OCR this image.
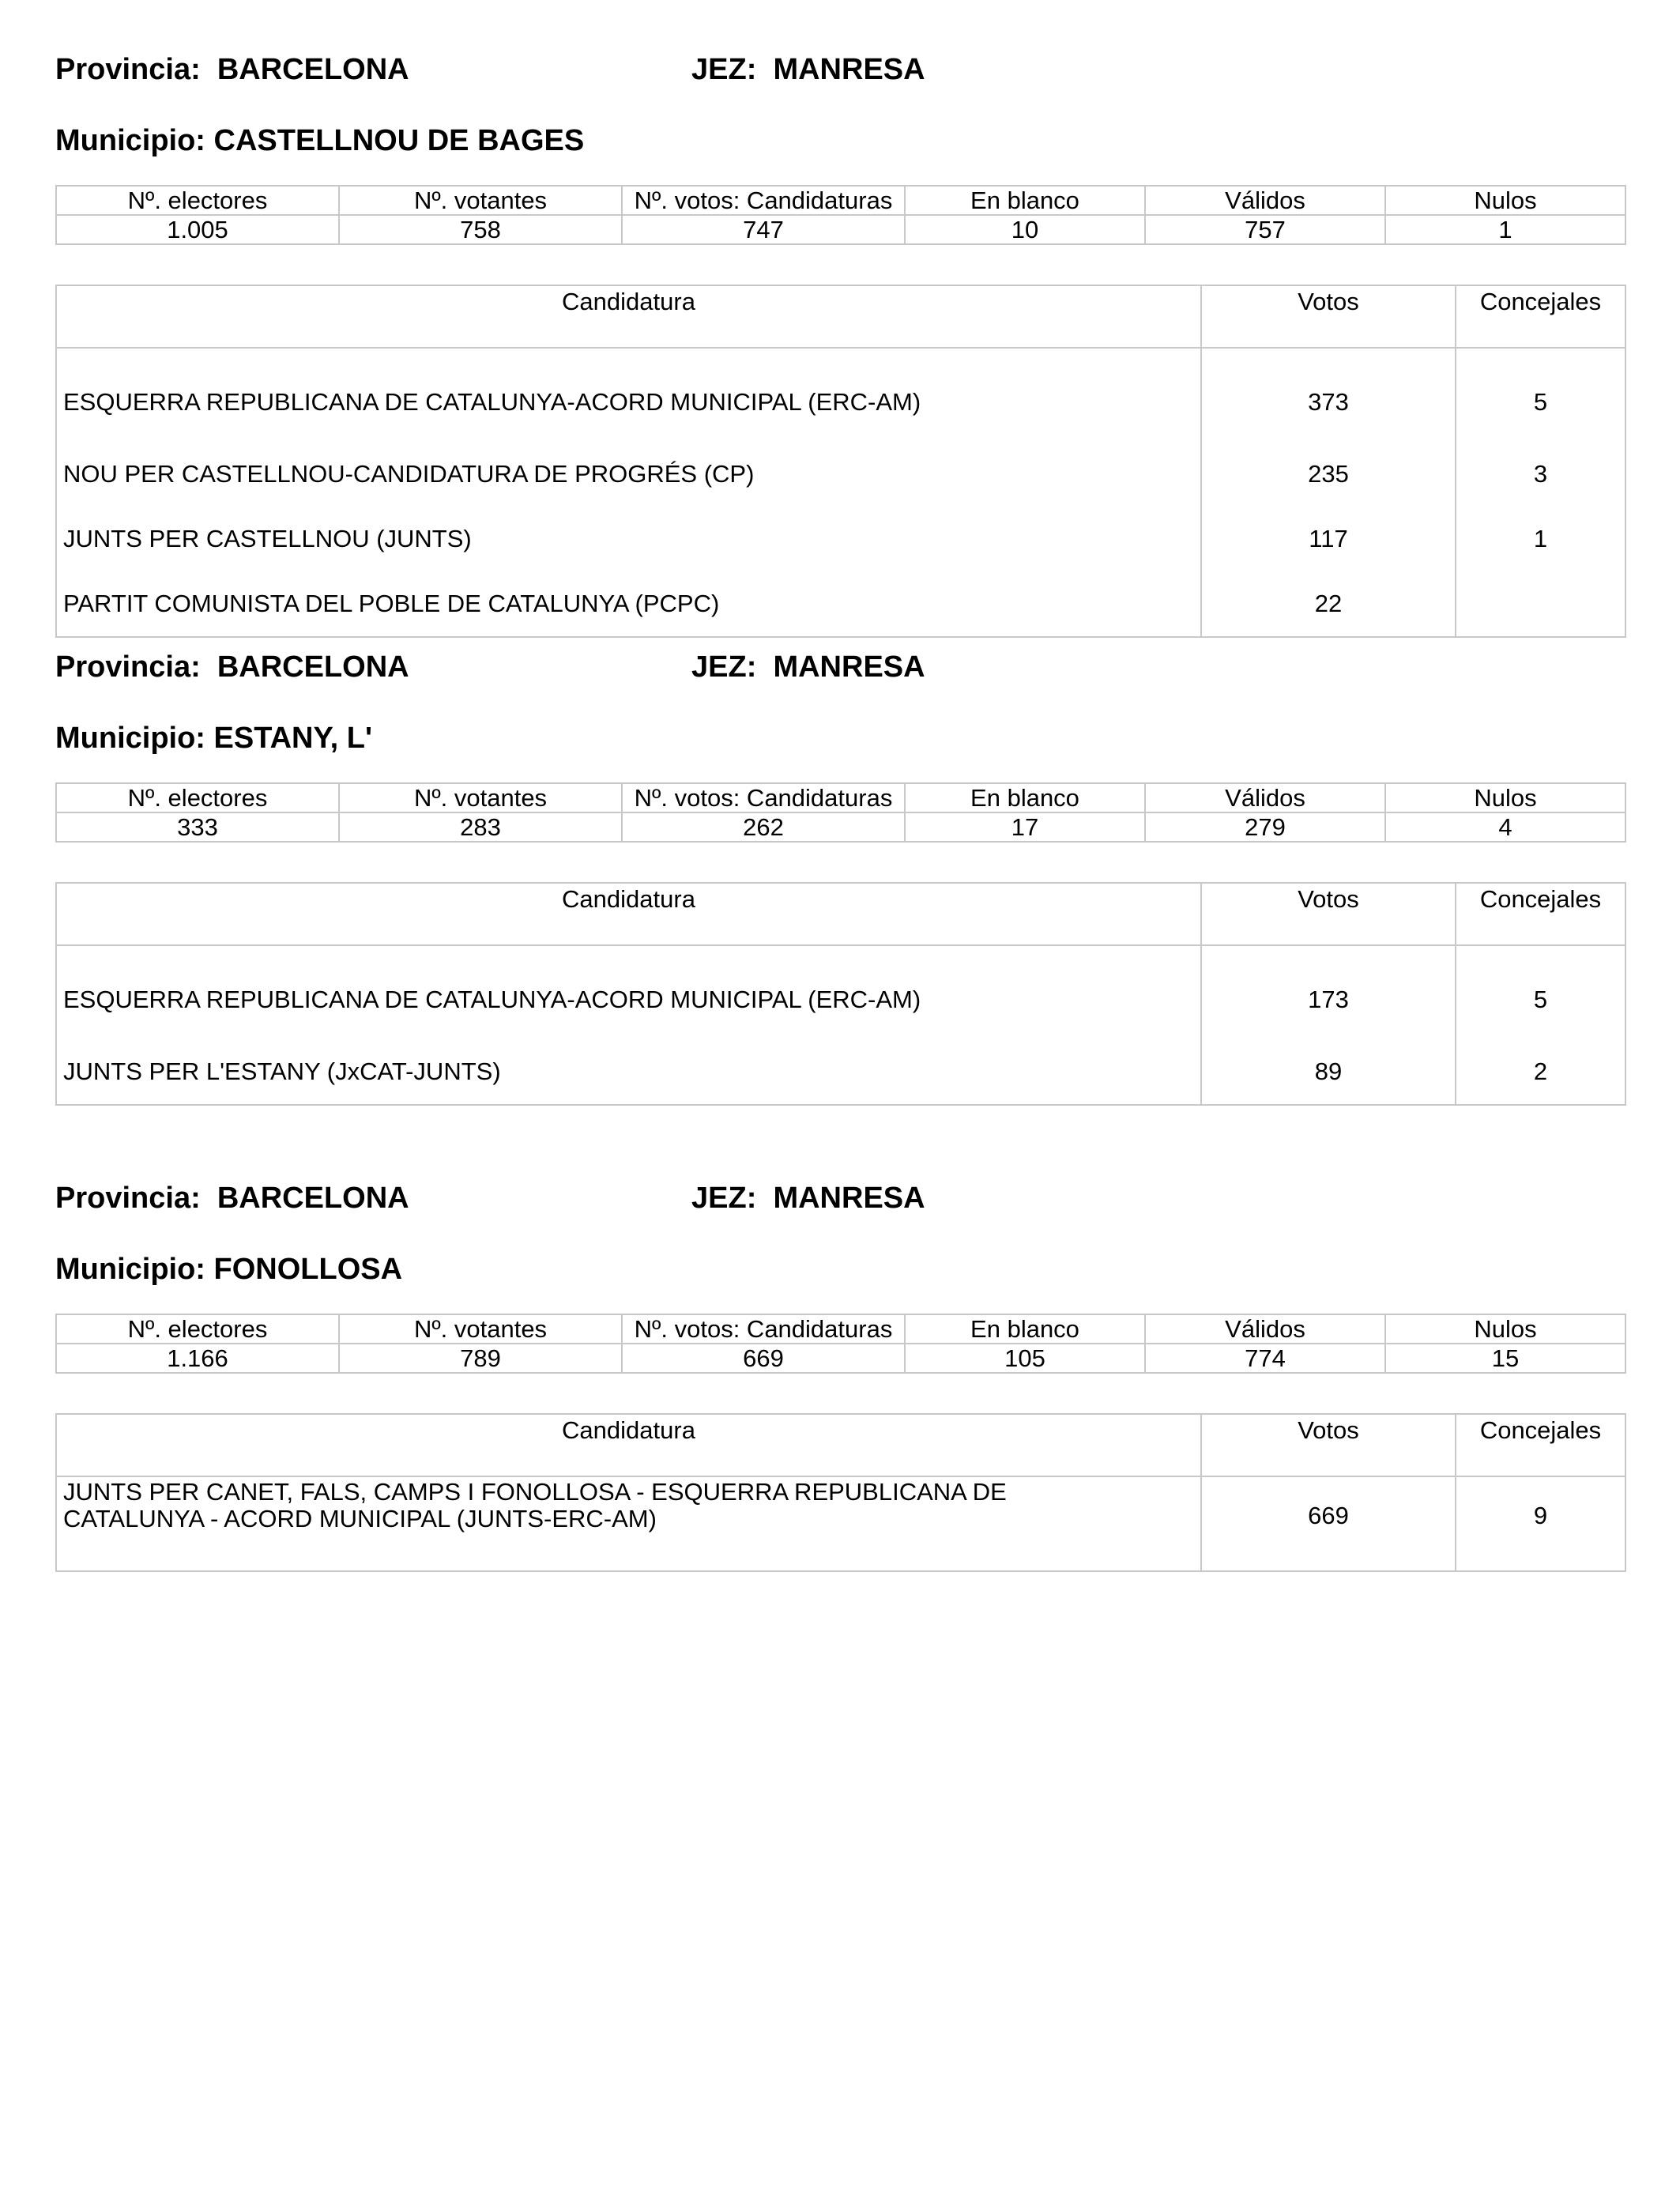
Provincia:  BARCELONA	JEZ:  MANRESA
Municipio: CASTELLNOU DE BAGES
Nº. electores	Nº. votantes	Nº. votos: Candidaturas	En blanco	Válidos	Nulos
1.005	758	747	10	757	1
Candidatura	Votos	Concejales
ESQUERRA REPUBLICANA DE CATALUNYA-ACORD MUNICIPAL (ERC-AM)	373	5
NOU PER CASTELLNOU-CANDIDATURA DE PROGRÉS (CP)	235	3
JUNTS PER CASTELLNOU (JUNTS)	117	1
PARTIT COMUNISTA DEL POBLE DE CATALUNYA (PCPC)	22	
Provincia:  BARCELONA	JEZ:  MANRESA
Municipio: ESTANY, L'
Nº. electores	Nº. votantes	Nº. votos: Candidaturas	En blanco	Válidos	Nulos
333	283	262	17	279	4
Candidatura	Votos	Concejales
ESQUERRA REPUBLICANA DE CATALUNYA-ACORD MUNICIPAL (ERC-AM)	173	5
JUNTS PER L'ESTANY (JxCAT-JUNTS)	89	2
Provincia:  BARCELONA	JEZ:  MANRESA
Municipio: FONOLLOSA
Nº. electores	Nº. votantes	Nº. votos: Candidaturas	En blanco	Válidos	Nulos
1.166	789	669	105	774	15
Candidatura	Votos	Concejales
JUNTS PER CANET, FALS, CAMPS I FONOLLOSA - ESQUERRA REPUBLICANA DE
CATALUNYA - ACORD MUNICIPAL (JUNTS-ERC-AM)	669	9
